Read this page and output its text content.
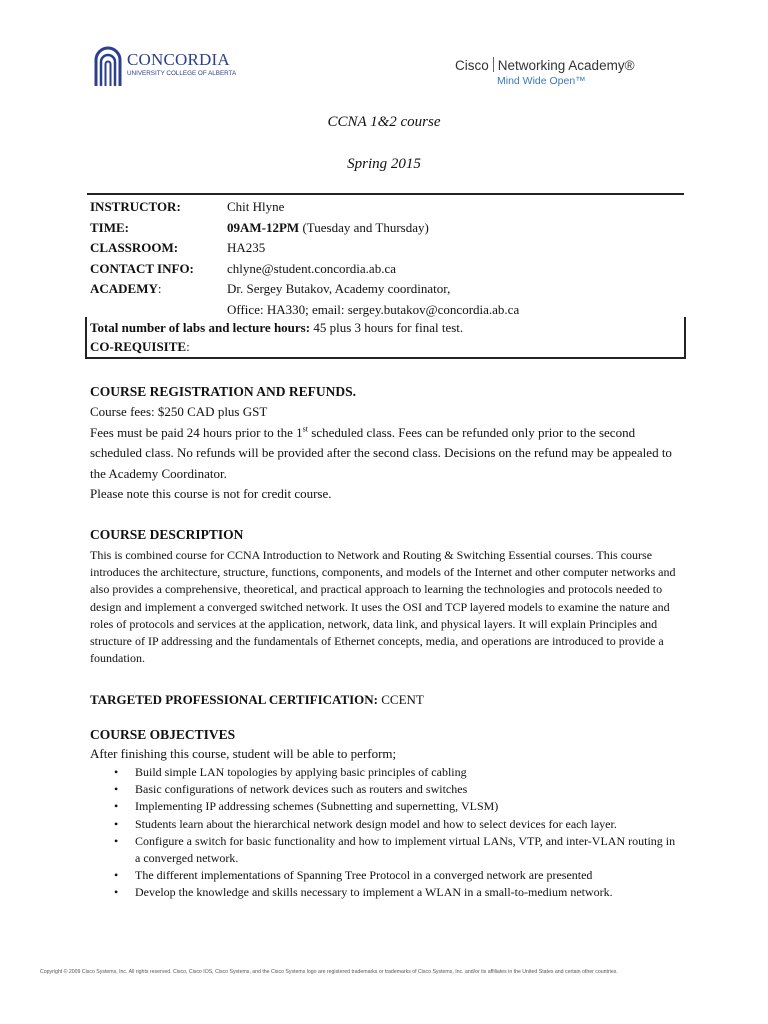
CONCORDIA
UNIVERSITY COLLEGE OF ALBERTA
Cisco Networking Academy®
Mind Wide Open™
CCNA 1&2 course
Spring 2015
INSTRUCTOR:	Chit Hlyne
TIME:	09AM-12PM (Tuesday and Thursday)
CLASSROOM:	HA235
CONTACT INFO:	chlyne@student.concordia.ab.ca
ACADEMY:	Dr. Sergey Butakov, Academy coordinator,
Office: HA330; email: sergey.butakov@concordia.ab.ca
Total number of labs and lecture hours: 45 plus 3 hours for final test.
CO-REQUISITE:
COURSE REGISTRATION AND REFUNDS.
Course fees: $250 CAD plus GST
Fees must be paid 24 hours prior to the 1st scheduled class. Fees can be refunded only prior to the second scheduled class. No refunds will be provided after the second class. Decisions on the refund may be appealed to the Academy Coordinator.
Please note this course is not for credit course.
COURSE DESCRIPTION
This is combined course for CCNA Introduction to Network and Routing & Switching Essential courses. This course introduces the architecture, structure, functions, components, and models of the Internet and other computer networks and also provides a comprehensive, theoretical, and practical approach to learning the technologies and protocols needed to design and implement a converged switched network. It uses the OSI and TCP layered models to examine the nature and roles of protocols and services at the application, network, data link, and physical layers. It will explain Principles and structure of IP addressing and the fundamentals of Ethernet concepts, media, and operations are introduced to provide a foundation.
TARGETED PROFESSIONAL CERTIFICATION: CCENT
COURSE OBJECTIVES
After finishing this course, student will be able to perform;
• Build simple LAN topologies by applying basic principles of cabling
• Basic configurations of network devices such as routers and switches
• Implementing IP addressing schemes (Subnetting and supernetting, VLSM)
• Students learn about the hierarchical network design model and how to select devices for each layer.
• Configure a switch for basic functionality and how to implement virtual LANs, VTP, and inter-VLAN routing in a converged network.
• The different implementations of Spanning Tree Protocol in a converged network are presented
• Develop the knowledge and skills necessary to implement a WLAN in a small-to-medium network.
Copyright © 2009 Cisco Systems, Inc. All rights reserved. Cisco, Cisco IOS, Cisco Systems, and the Cisco Systems logo are registered trademarks or trademarks of Cisco Systems, Inc. and/or its affiliates in the United States and certain other countries.
